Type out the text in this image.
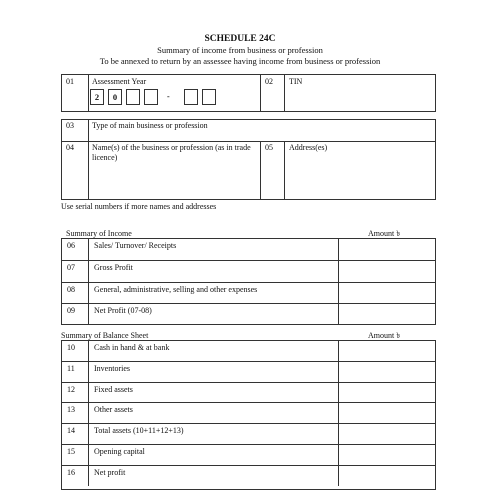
SCHEDULE 24C
Summary of income from business or profession
To be annexed to return by an assessee having income from business or profession
01 Assessment Year
2	0	-
02 TIN
03 Type of main business or profession
04 Name(s) of the business or profession (as in trade licence)
05 Address(es)
Use serial numbers if more names and addresses
Summary of Income	Amount ৳
Summary of Balance Sheet	Amount ৳
06 Sales/ Turnover/ Receipts
07 Gross Profit
08 General, administrative, selling and other expenses
09 Net Profit (07-08)
10 Cash in hand & at bank
11 Inventories
12 Fixed assets
13 Other assets
14 Total assets (10+11+12+13)
15 Opening capital
16 Net profit
